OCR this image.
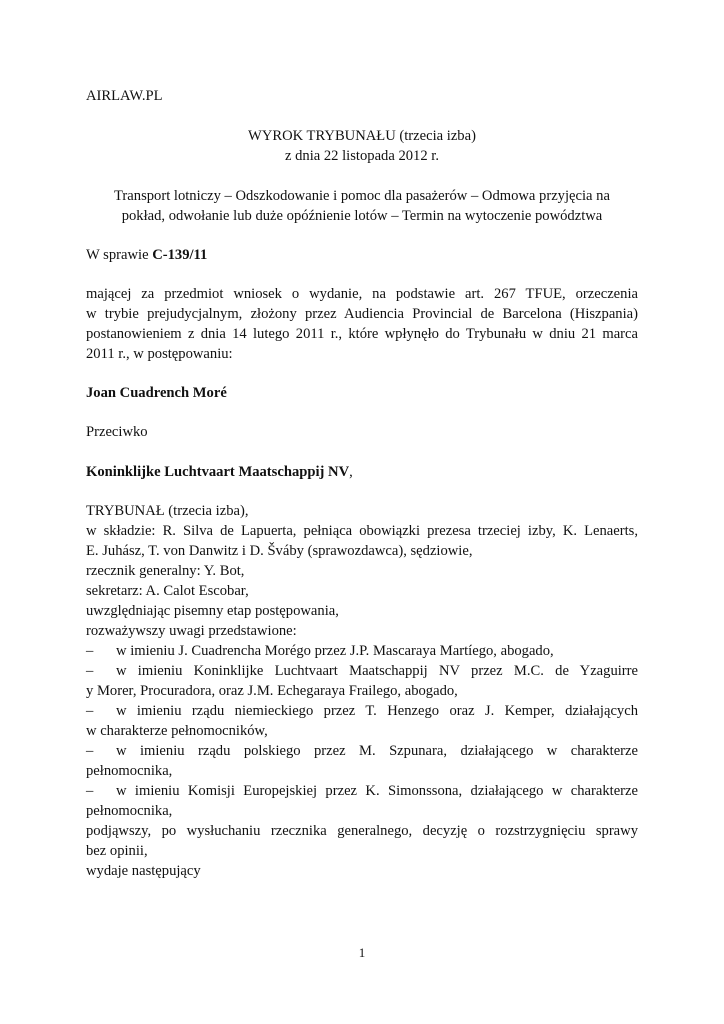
AIRLAW.PL
WYROK TRYBUNAŁU (trzecia izba)
z dnia 22 listopada 2012 r.
Transport lotniczy – Odszkodowanie i pomoc dla pasażerów – Odmowa przyjęcia na
pokład, odwołanie lub duże opóźnienie lotów – Termin na wytoczenie powództwa
W sprawie C-139/11
mającej za przedmiot wniosek o wydanie, na podstawie art. 267 TFUE, orzeczenia
w trybie prejudycjalnym, złożony przez Audiencia Provincial de Barcelona (Hiszpania)
postanowieniem z dnia 14 lutego 2011 r., które wpłynęło do Trybunału w dniu 21 marca
2011 r., w postępowaniu:
Joan Cuadrench Moré
Przeciwko
Koninklijke Luchtvaart Maatschappij NV,
TRYBUNAŁ (trzecia izba),
w składzie: R. Silva de Lapuerta, pełniąca obowiązki prezesa trzeciej izby, K. Lenaerts,
E. Juhász, T. von Danwitz i D. Šváby (sprawozdawca), sędziowie,
rzecznik generalny: Y. Bot,
sekretarz: A. Calot Escobar,
uwzględniając pisemny etap postępowania,
rozważywszy uwagi przedstawione:
– w imieniu J. Cuadrencha Morégo przez J.P. Mascaraya Martíego, abogado,
– w imieniu Koninklijke Luchtvaart Maatschappij NV przez M.C. de Yzaguirre
y Morer, Procuradora, oraz J.M. Echegaraya Frailego, abogado,
– w imieniu rządu niemieckiego przez T. Henzego oraz J. Kemper, działających
w charakterze pełnomocników,
– w imieniu rządu polskiego przez M. Szpunara, działającego w charakterze
pełnomocnika,
– w imieniu Komisji Europejskiej przez K. Simonssona, działającego w charakterze
pełnomocnika,
podjąwszy, po wysłuchaniu rzecznika generalnego, decyzję o rozstrzygnięciu sprawy
bez opinii,
wydaje następujący
1
